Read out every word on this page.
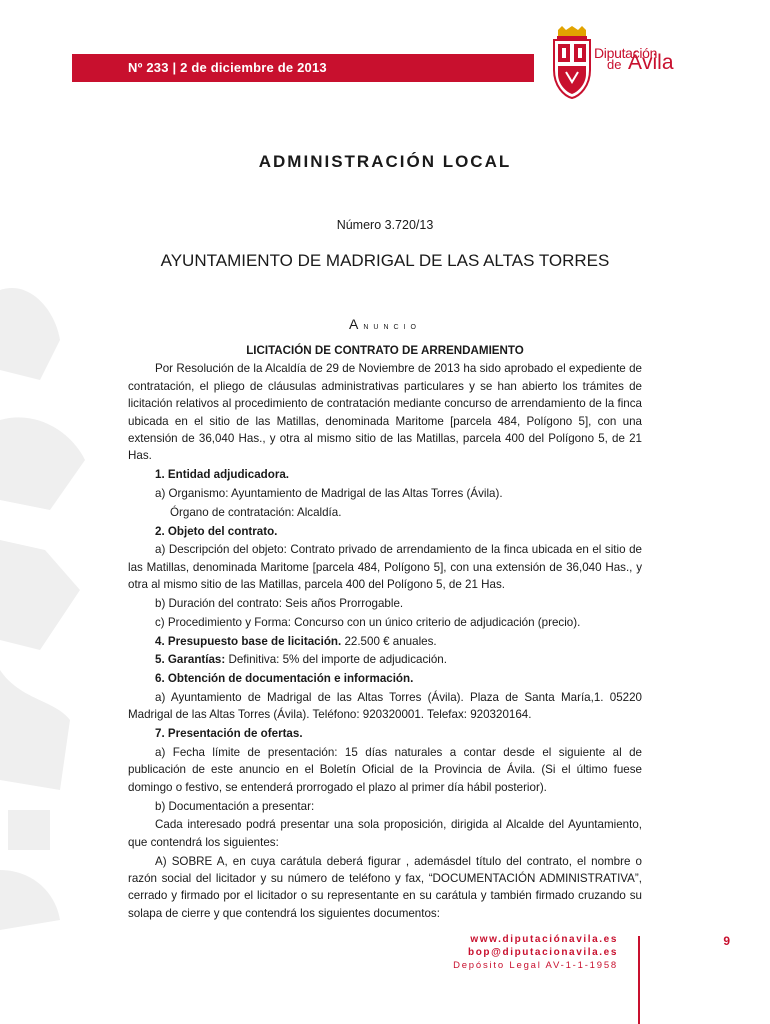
Nº 233 | 2 de diciembre de 2013
Diputación
de Ávila
ADMINISTRACIÓN LOCAL
Número 3.720/13
AYUNTAMIENTO DE MADRIGAL DE LAS ALTAS TORRES
Anuncio
LICITACIÓN DE CONTRATO DE ARRENDAMIENTO
Por Resolución de la Alcaldía de 29 de Noviembre de 2013 ha sido aprobado el expediente de contratación, el pliego de cláusulas administrativas particulares y se han abierto los trámites de licitación relativos al procedimiento de contratación mediante concurso de arrendamiento de la finca ubicada en el sitio de las Matillas, denominada Maritome [parcela 484, Polígono 5], con una extensión de 36,040 Has., y otra al mismo sitio de las Matillas, parcela 400 del Polígono 5, de 21 Has.
1. Entidad adjudicadora.
a) Organismo: Ayuntamiento de Madrigal de las Altas Torres (Ávila).
Órgano de contratación: Alcaldía.
2. Objeto del contrato.
a) Descripción del objeto: Contrato privado de arrendamiento de la finca ubicada en el sitio de las Matillas, denominada Maritome [parcela 484, Polígono 5], con una extensión de 36,040 Has., y otra al mismo sitio de las Matillas, parcela 400 del Polígono 5, de 21 Has.
b) Duración del contrato: Seis años Prorrogable.
c) Procedimiento y Forma: Concurso con un único criterio de adjudicación (precio).
4. Presupuesto base de licitación. 22.500 € anuales.
5. Garantías: Definitiva: 5% del importe de adjudicación.
6. Obtención de documentación e información.
a) Ayuntamiento de Madrigal de las Altas Torres (Ávila). Plaza de Santa María,1. 05220 Madrigal de las Altas Torres (Ávila). Teléfono: 920320001. Telefax: 920320164.
7. Presentación de ofertas.
a) Fecha límite de presentación: 15 días naturales a contar desde el siguiente al de publicación de este anuncio en el Boletín Oficial de la Provincia de Ávila. (Si el último fuese domingo o festivo, se entenderá prorrogado el plazo al primer día hábil posterior).
b) Documentación a presentar:
Cada interesado podrá presentar una sola proposición, dirigida al Alcalde del Ayuntamiento, que contendrá los siguientes:
A) SOBRE A, en cuya carátula deberá figurar , ademásdel título del contrato, el nombre o razón social del licitador y su número de teléfono y fax, “DOCUMENTACIÓN ADMINISTRATIVA”, cerrado y firmado por el licitador o su representante en su carátula y también firmado cruzando su solapa de cierre y que contendrá los siguientes documentos:
www.diputaciónavila.es
bop@diputacionavila.es
Depósito Legal AV-1-1-1958
9
